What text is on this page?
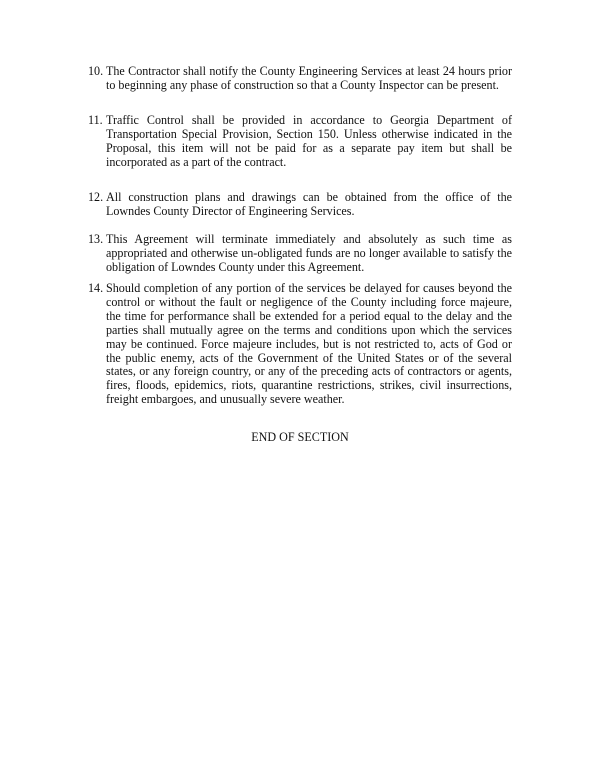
10. The Contractor shall notify the County Engineering Services at least 24 hours prior to beginning any phase of construction so that a County Inspector can be present.
11. Traffic Control shall be provided in accordance to Georgia Department of Transportation Special Provision, Section 150. Unless otherwise indicated in the Proposal, this item will not be paid for as a separate pay item but shall be incorporated as a part of the contract.
12. All construction plans and drawings can be obtained from the office of the Lowndes County Director of Engineering Services.
13. This Agreement will terminate immediately and absolutely as such time as appropriated and otherwise un-obligated funds are no longer available to satisfy the obligation of Lowndes County under this Agreement.
14. Should completion of any portion of the services be delayed for causes beyond the control or without the fault or negligence of the County including force majeure, the time for performance shall be extended for a period equal to the delay and the parties shall mutually agree on the terms and conditions upon which the services may be continued. Force majeure includes, but is not restricted to, acts of God or the public enemy, acts of the Government of the United States or of the several states, or any foreign country, or any of the preceding acts of contractors or agents, fires, floods, epidemics, riots, quarantine restrictions, strikes, civil insurrections, freight embargoes, and unusually severe weather.
END OF SECTION
